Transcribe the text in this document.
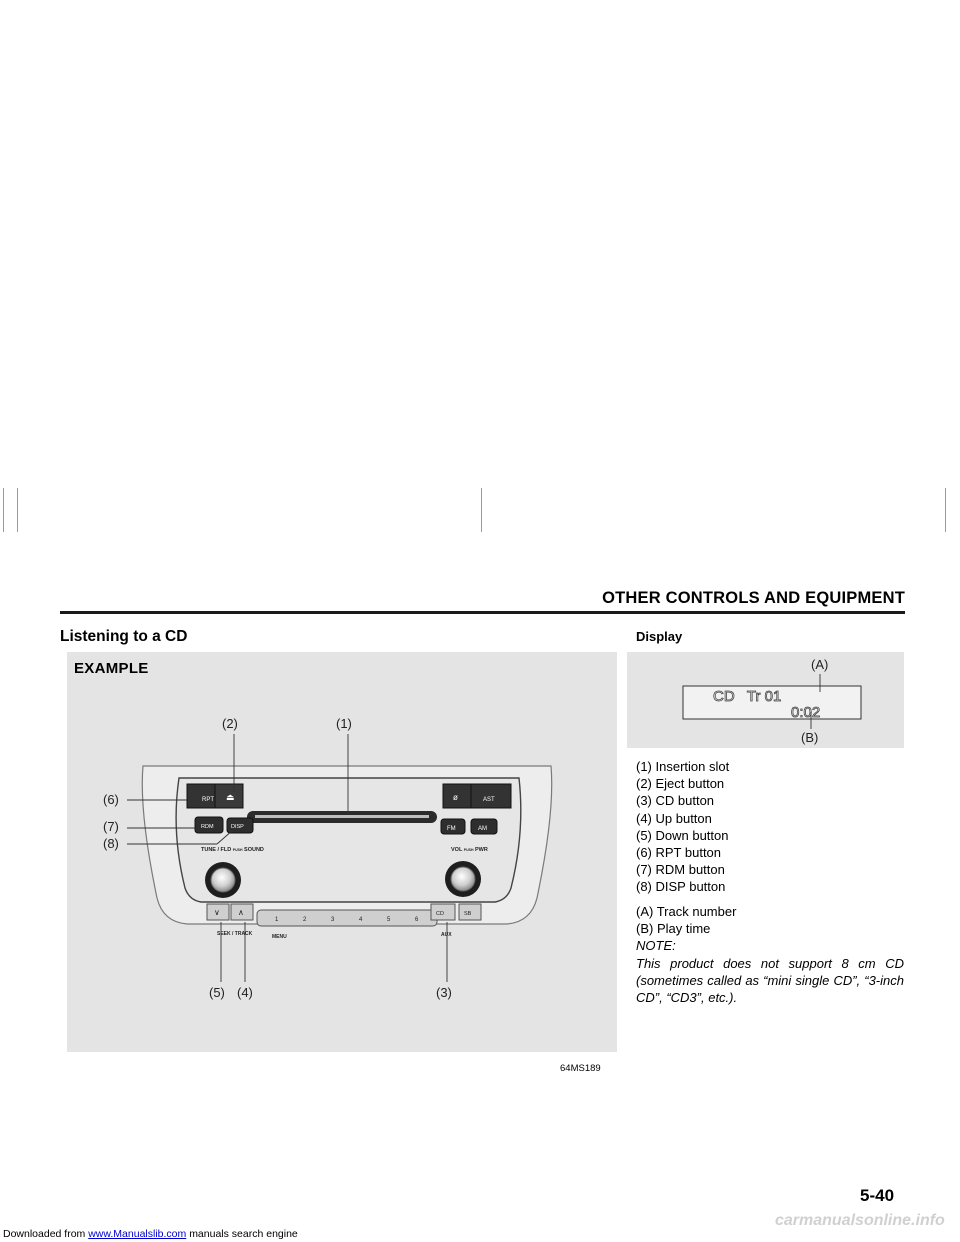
OTHER CONTROLS AND EQUIPMENT
Listening to a CD
RPT ⏏	ø	AST
RDM	DISP	FM	AM
TUNE / FLD PUSH SOUND	VOL PUSH PWR
∨ ∧
1	2	3	4	5	6
CD	SB
SEEK / TRACK	MENU	AUX
(1)
(2)
(3)
(4)
(5)
(6)
(7)
(8)
EXAMPLE
64MS189
Display
CD   Tr 01
0:02
(A)
(B)
(1) Insertion slot
(2) Eject button
(3) CD button
(4) Up button
(5) Down button
(6) RPT button
(7) RDM button
(8) DISP button
(A) Track number
(B) Play time
NOTE:
This product does not support 8 cm CD (sometimes called as “mini single CD”, “3-inch CD”, “CD3”, etc.).
5-40
carmanualsonline.info
Downloaded from www.Manualslib.com manuals search engine
